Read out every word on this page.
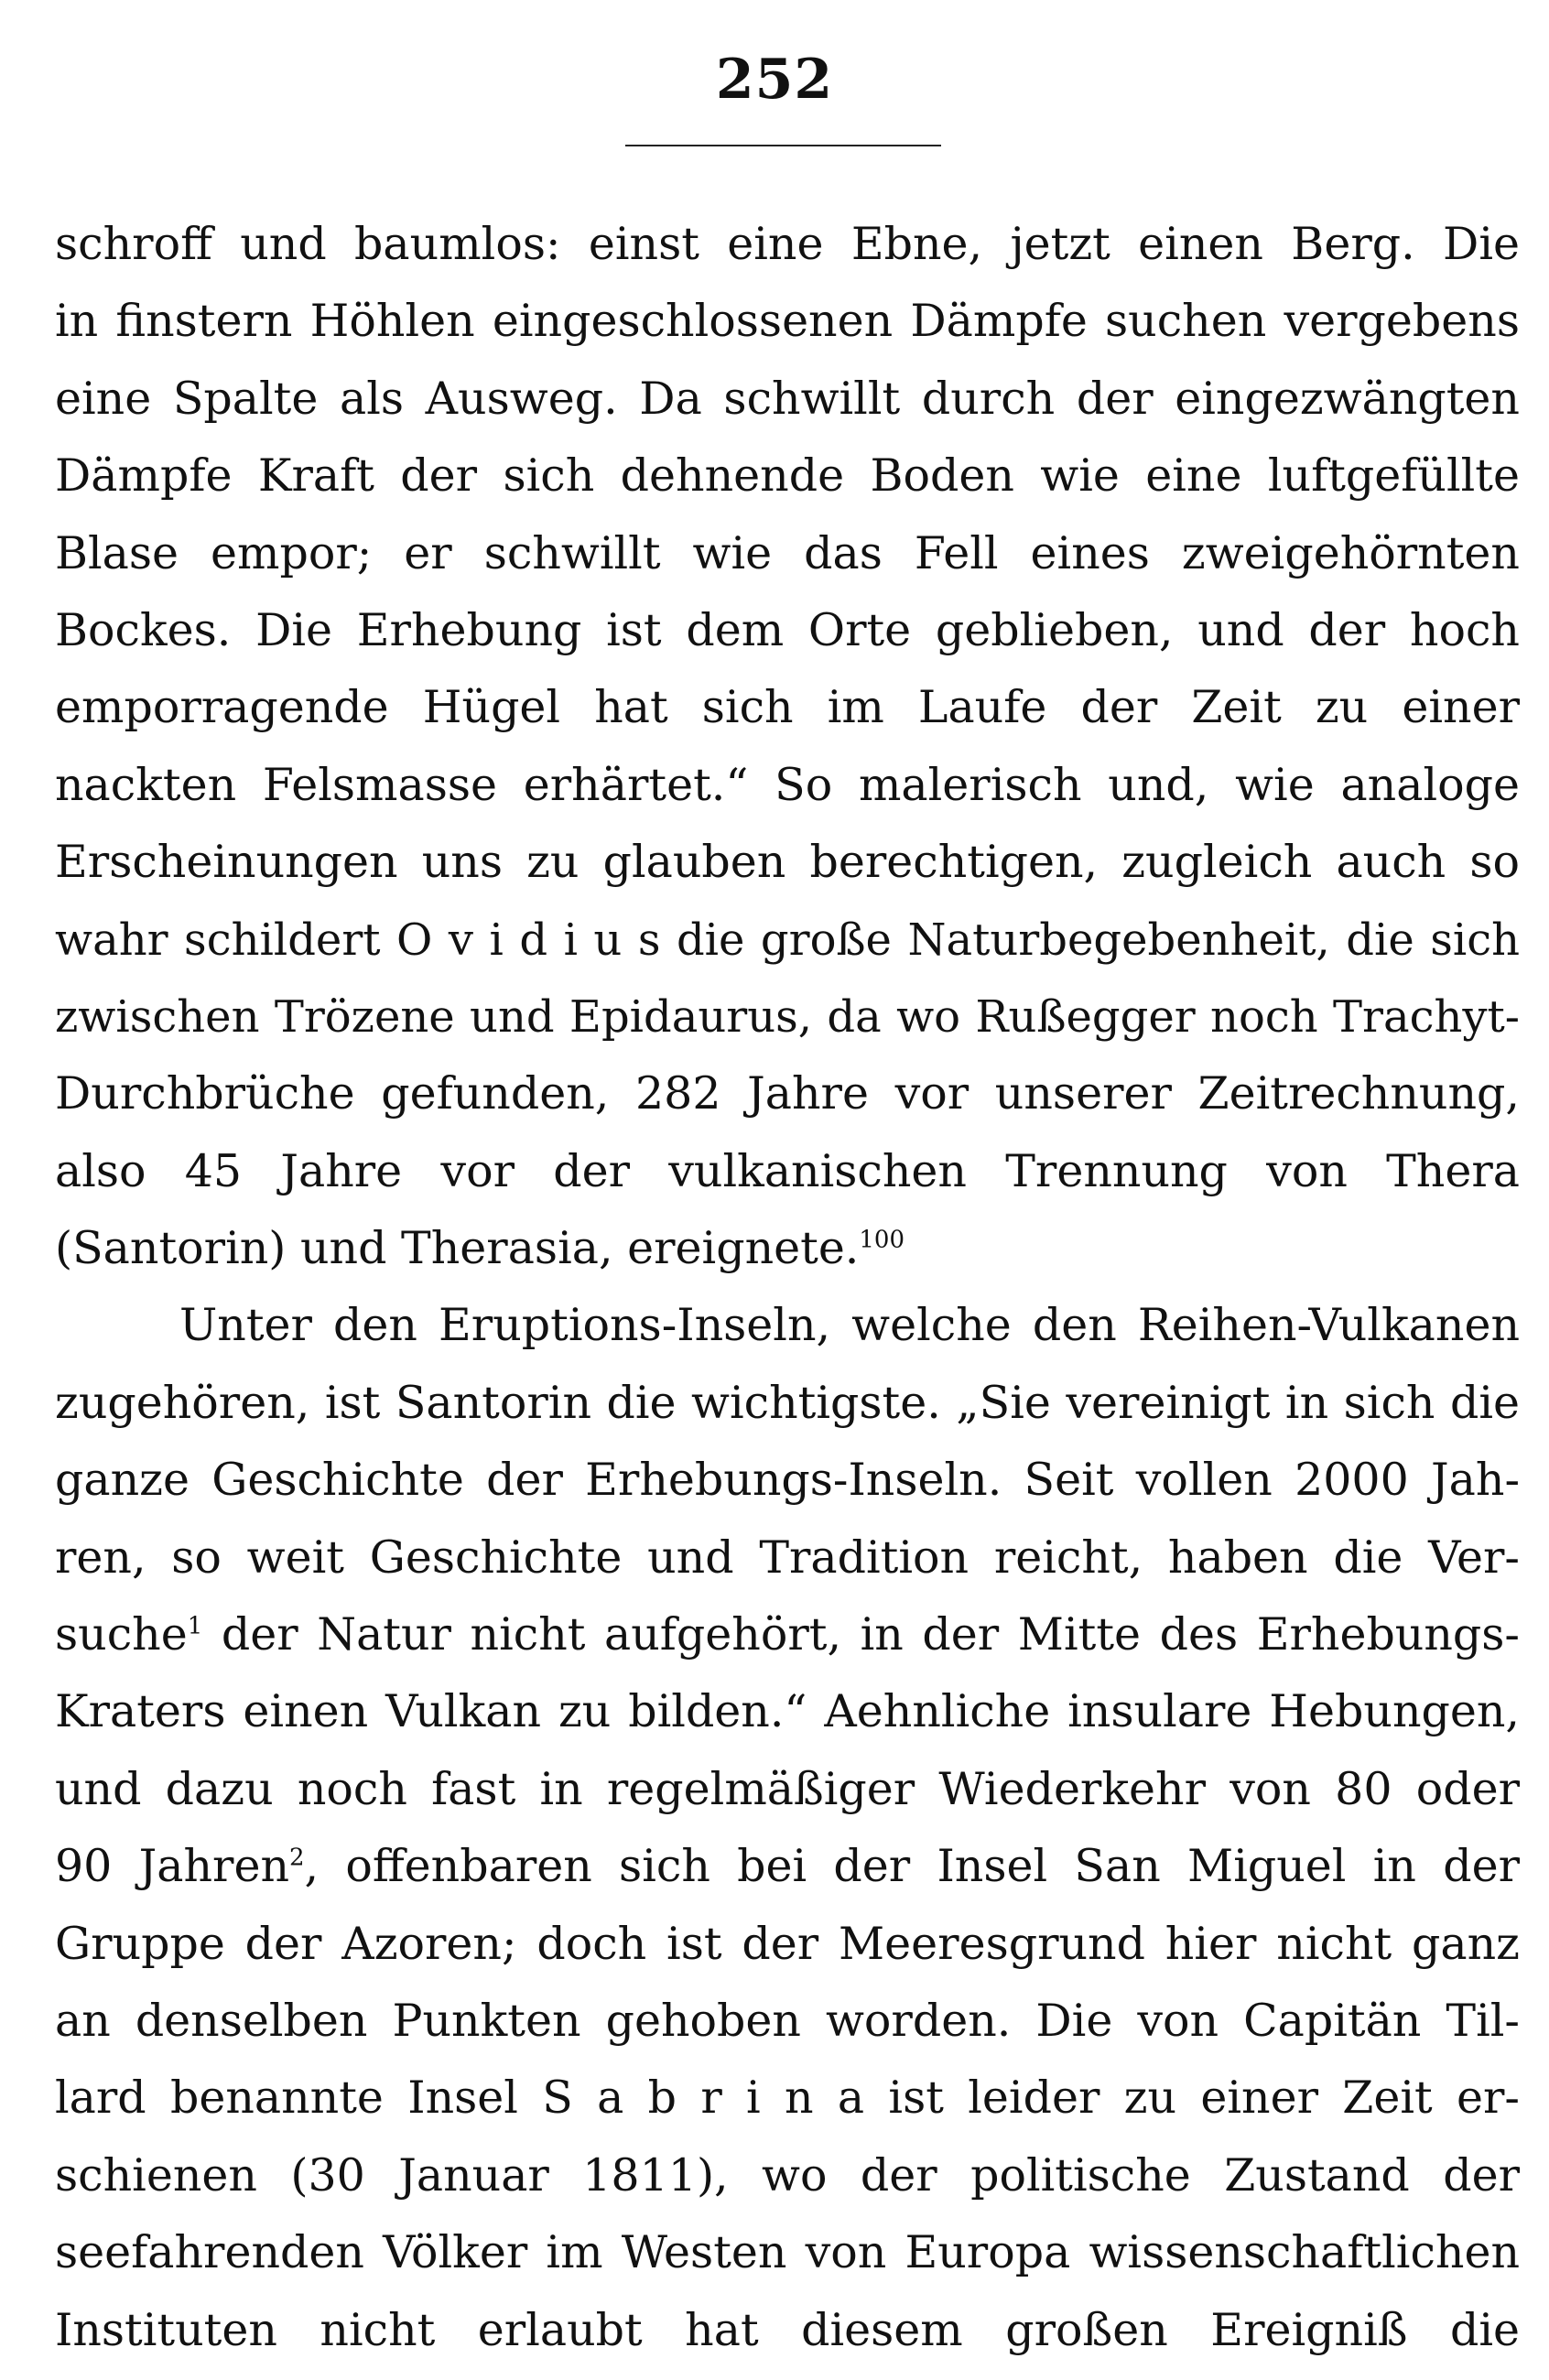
252
schroff und baumlos: einst eine Ebne, jetzt einen Berg. Die
in finstern Höhlen eingeschlossenen Dämpfe suchen vergebens
eine Spalte als Ausweg. Da schwillt durch der eingezwängten
Dämpfe Kraft der sich dehnende Boden wie eine luftgefüllte
Blase empor; er schwillt wie das Fell eines zweigehörnten
Bockes. Die Erhebung ist dem Orte geblieben, und der hoch
emporragende Hügel hat sich im Laufe der Zeit zu einer
nackten Felsmasse erhärtet.“ So malerisch und, wie analoge
Erscheinungen uns zu glauben berechtigen, zugleich auch so
wahr schildert O v i d i u s die große Naturbegebenheit, die sich
zwischen Trözene und Epidaurus, da wo Rußegger noch Trachyt-
Durchbrüche gefunden, 282 Jahre vor unserer Zeitrechnung,
also 45 Jahre vor der vulkanischen Trennung von Thera
(Santorin) und Therasia, ereignete.$^{100}$
Unter den Eruptions-Inseln, welche den Reihen-Vulkanen
zugehören, ist Santorin die wichtigste. „Sie vereinigt in sich die
ganze Geschichte der Erhebungs-Inseln. Seit vollen 2000 Jah-
ren, so weit Geschichte und Tradition reicht, haben die Ver-
suche$^1$ der Natur nicht aufgehört, in der Mitte des Erhebungs-
Kraters einen Vulkan zu bilden.“ Aehnliche insulare Hebungen,
und dazu noch fast in regelmäßiger Wiederkehr von 80 oder
90 Jahren$^2$, offenbaren sich bei der Insel San Miguel in der
Gruppe der Azoren; doch ist der Meeresgrund hier nicht ganz
an denselben Punkten gehoben worden. Die von Capitän Til-
lard benannte Insel S a b r i n a ist leider zu einer Zeit er-
schienen (30 Januar 1811), wo der politische Zustand der
seefahrenden Völker im Westen von Europa wissenschaftlichen
Instituten nicht erlaubt hat diesem großen Ereigniß die
